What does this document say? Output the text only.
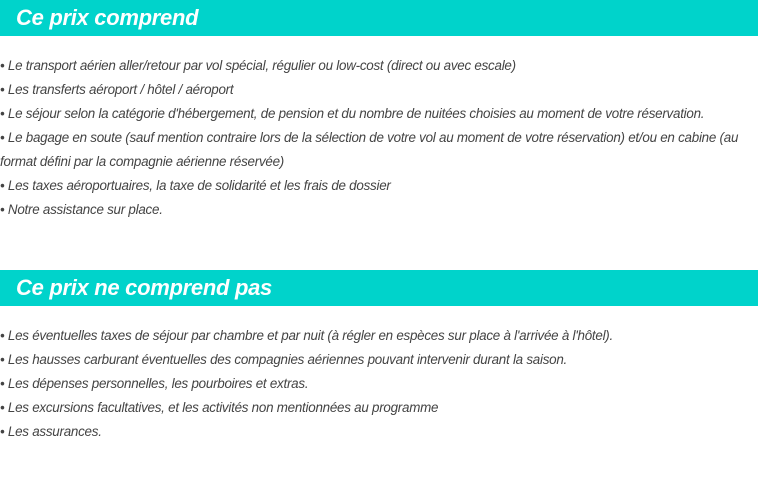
Ce prix comprend
• Le transport aérien aller/retour par vol spécial, régulier ou low-cost (direct ou avec escale)
• Les transferts aéroport / hôtel / aéroport
• Le séjour selon la catégorie d'hébergement, de pension et du nombre de nuitées choisies au moment de votre réservation.
• Le bagage en soute (sauf mention contraire lors de la sélection de votre vol au moment de votre réservation) et/ou en cabine (au format défini par la compagnie aérienne réservée)
• Les taxes aéroportuaires, la taxe de solidarité et les frais de dossier
• Notre assistance sur place.
Ce prix ne comprend pas
• Les éventuelles taxes de séjour par chambre et par nuit (à régler en espèces sur place à l'arrivée à l'hôtel).
• Les hausses carburant éventuelles des compagnies aériennes pouvant intervenir durant la saison.
• Les dépenses personnelles, les pourboires et extras.
• Les excursions facultatives, et les activités non mentionnées au programme
• Les assurances.
